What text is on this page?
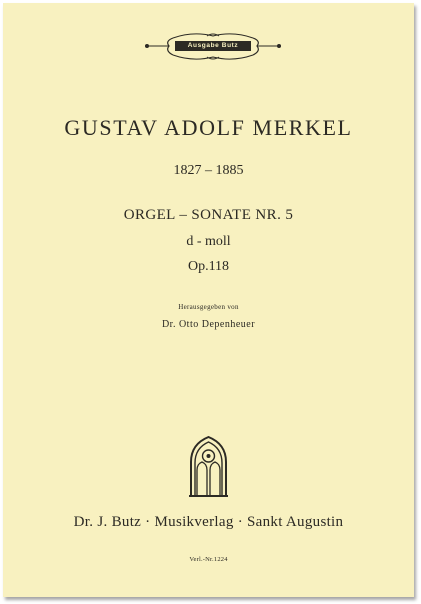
Ausgabe Butz
GUSTAV ADOLF MERKEL
1827 – 1885
ORGEL – SONATE NR. 5
d - moll
Op.118
Herausgegeben von
Dr. Otto Depenheuer
Dr. J. Butz · Musikverlag · Sankt Augustin
Verl.-Nr.1224
